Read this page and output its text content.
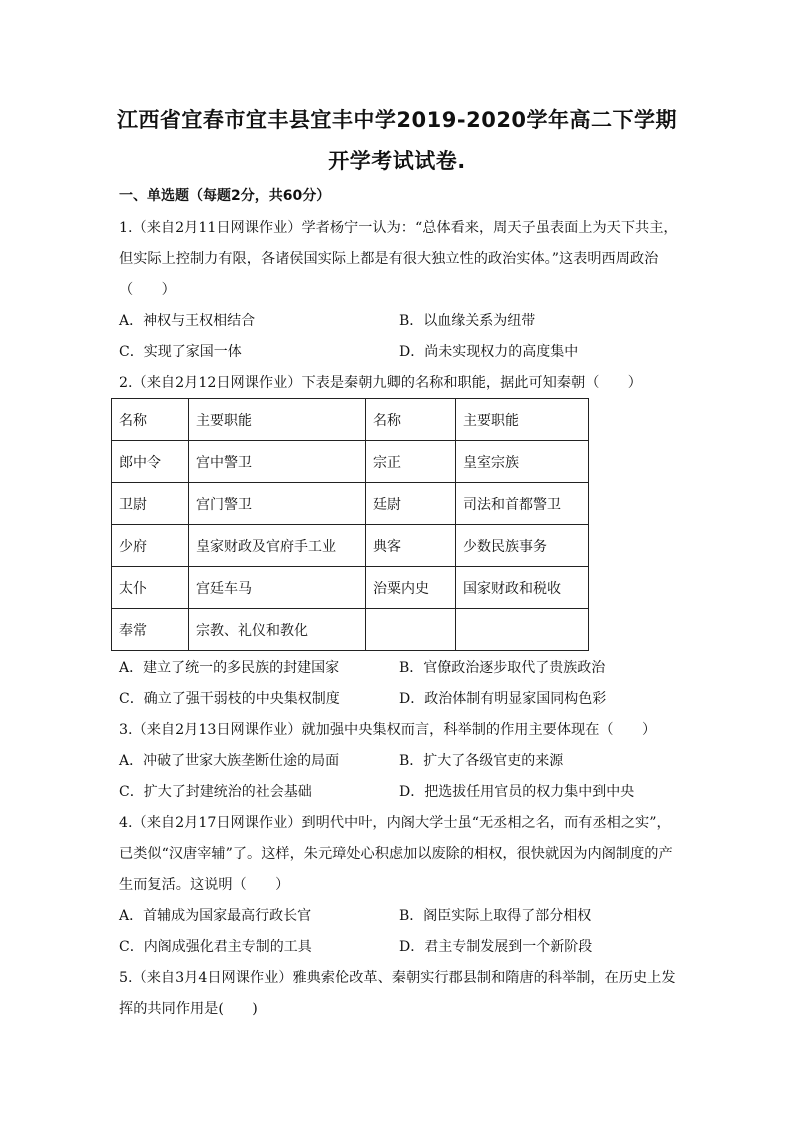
江西省宜春市宜丰县宜丰中学2019-2020学年高二下学期
开学考试试卷.
一、单选题（每题2分，共60分）
1.（来自2月11日网课作业）学者杨宁一认为：“总体看来，周天子虽表面上为天下共主，
但实际上控制力有限，各诸侯国实际上都是有很大独立性的政治实体。”这表明西周政治
（　　）
A．神权与王权相结合	B．以血缘关系为纽带
C．实现了家国一体	D．尚未实现权力的高度集中
2.（来自2月12日网课作业）下表是秦朝九卿的名称和职能，据此可知秦朝（　　）
名称	主要职能	名称	主要职能
郎中令	宫中警卫	宗正	皇室宗族
卫尉	宫门警卫	廷尉	司法和首都警卫
少府	皇家财政及官府手工业	典客	少数民族事务
太仆	宫廷车马	治粟内史	国家财政和税收
奉常	宗教、礼仪和教化		
A．建立了统一的多民族的封建国家	B．官僚政治逐步取代了贵族政治
C．确立了强干弱枝的中央集权制度	D．政治体制有明显家国同构色彩
3.（来自2月13日网课作业）就加强中央集权而言，科举制的作用主要体现在（　　）
A．冲破了世家大族垄断仕途的局面	B．扩大了各级官吏的来源
C．扩大了封建统治的社会基础	D．把选拔任用官员的权力集中到中央
4.（来自2月17日网课作业）到明代中叶，内阁大学士虽“无丞相之名，而有丞相之实”，
已类似“汉唐宰辅”了。这样，朱元璋处心积虑加以废除的相权，很快就因为内阁制度的产
生而复活。这说明（　　）
A．首辅成为国家最高行政长官	B．阁臣实际上取得了部分相权
C．内阁成强化君主专制的工具	D．君主专制发展到一个新阶段
5.（来自3月4日网课作业）雅典索伦改革、秦朝实行郡县制和隋唐的科举制，在历史上发
挥的共同作用是(　　)
